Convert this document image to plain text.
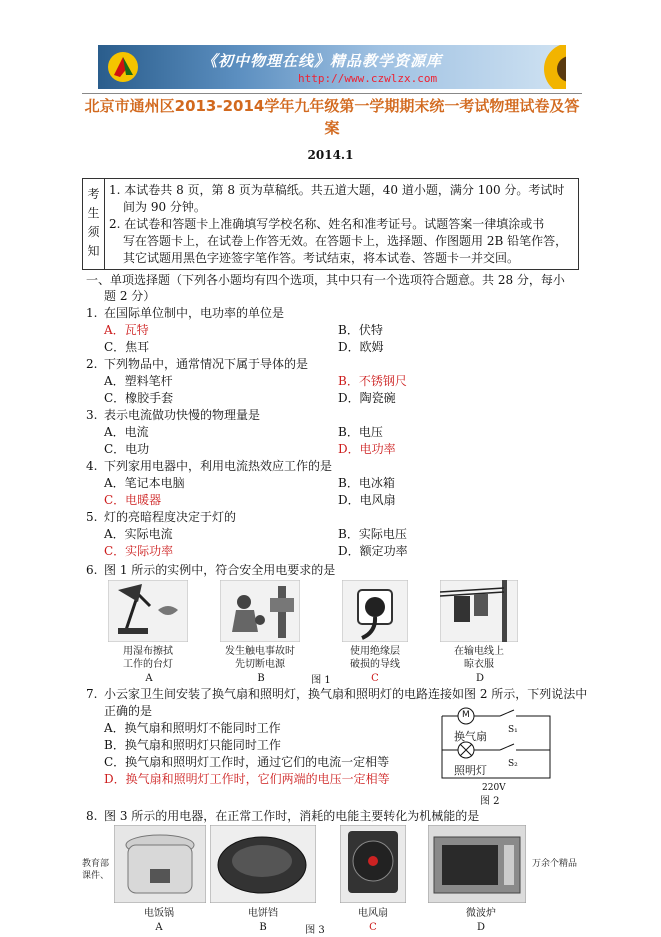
《初中物理在线》精品教学资源库
http://www.czwlzx.com
北京市通州区2013-2014学年九年级第一学期期末统一考试物理试卷及答
案
2014.1
考
生
须
知
1. 本试卷共 8 页，第 8 页为草稿纸。共五道大题，40 道小题，满分 100 分。考试时
间为 90 分钟。
2. 在试卷和答题卡上准确填写学校名称、姓名和准考证号。试题答案一律填涂或书
写在答题卡上，在试卷上作答无效。在答题卡上，选择题、作图题用 2B 铅笔作答，
其它试题用黑色字迹签字笔作答。考试结束，将本试卷、答题卡一并交回。
一、单项选择题（下列各小题均有四个选项，其中只有一个选项符合题意。共 28 分，每小
题 2 分）
1. 在国际单位制中，电功率的单位是
A．瓦特	B．伏特
C．焦耳	D．欧姆
2. 下列物品中，通常情况下属于导体的是
A．塑料笔杆	B．不锈钢尺
C．橡胶手套	D．陶瓷碗
3. 表示电流做功快慢的物理量是
A．电流	B．电压
C．电功	D．电功率
4. 下列家用电器中，利用电流热效应工作的是
A．笔记本电脑	B．电冰箱
C．电暖器	D．电风扇
5. 灯的亮暗程度决定于灯的
A．实际电流	B．实际电压
C．实际功率	D．额定功率
6. 图 1 所示的实例中，符合安全用电要求的是
用湿布擦拭
工作的台灯
发生触电事故时
先切断电源
使用绝缘层
破损的导线
在输电线上
晾衣服
A	B	C	D
图 1
7. 小云家卫生间安装了换气扇和照明灯，换气扇和照明灯的电路连接如图 2 所示，下列说法中
正确的是
A．换气扇和照明灯不能同时工作
B．换气扇和照明灯只能同时工作
C．换气扇和照明灯工作时，通过它们的电流一定相等
D．换气扇和照明灯工作时，它们两端的电压一定相等
M
换气扇 S₁
S₂
照明灯
220V
图 2
8. 图 3 所示的用电器，在正常工作时，消耗的电能主要转化为机械能的是
教育部
课件、
万余个精品
电饭锅	电饼铛	电风扇	微波炉
A	B	C	D
图 3
